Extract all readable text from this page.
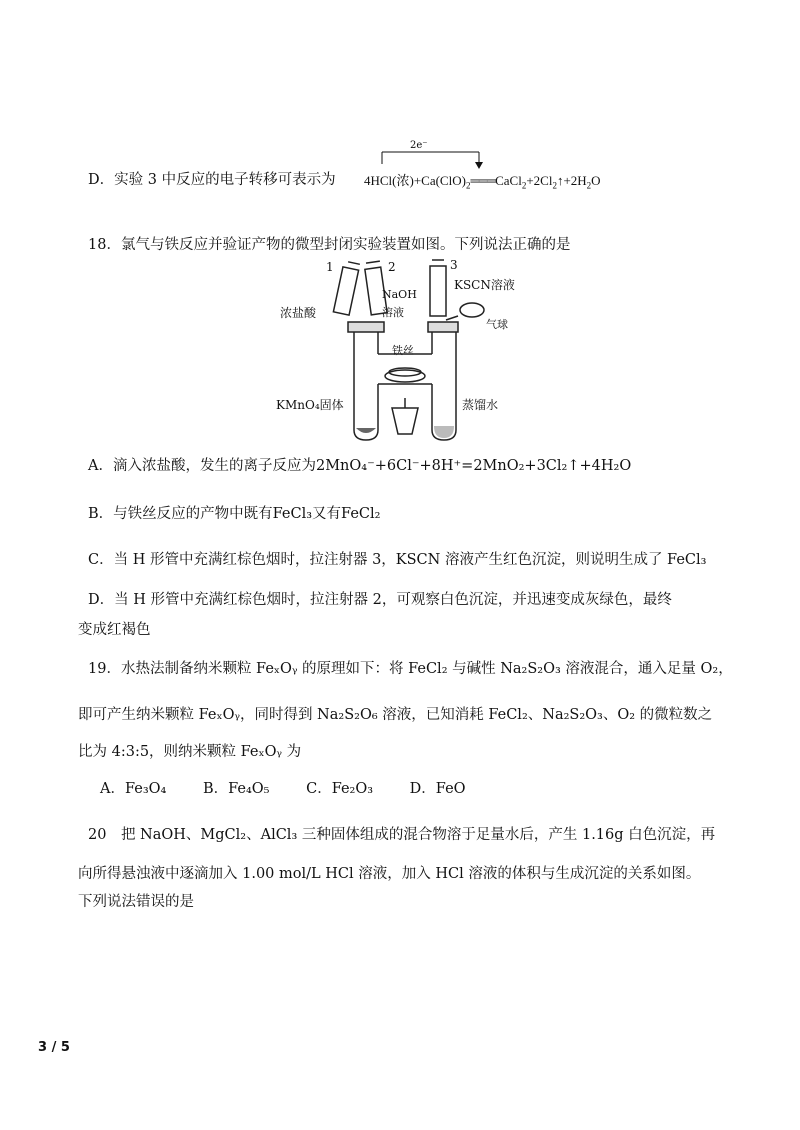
D．实验 3 中反应的电子转移可表示为
2e⁻
4HCl(浓)$+Ca(ClO)_2═══CaCl_2+2Cl_2↑+2H_2O$
18．氯气与铁反应并验证产物的微型封闭实验装置如图。下列说法正确的是
1	2	3
浓盐酸
NaOH
溶液
KSCN溶液
气球
铁丝
KMnO₄固体	蒸馏水
A．滴入浓盐酸，发生的离子反应为2MnO₄⁻+6Cl⁻+8H⁺=2MnO₂+3Cl₂↑+4H₂O
B．与铁丝反应的产物中既有FeCl₃又有FeCl₂
C．当 H 形管中充满红棕色烟时，拉注射器 3，KSCN 溶液产生红色沉淀，则说明生成了 FeCl₃
D．当 H 形管中充满红棕色烟时，拉注射器 2，可观察白色沉淀，并迅速变成灰绿色，最终
变成红褐色
19．水热法制备纳米颗粒 FeₓOᵧ 的原理如下：将 FeCl₂ 与碱性 Na₂S₂O₃ 溶液混合，通入足量 O₂，
即可产生纳米颗粒 FeₓOᵧ，同时得到 Na₂S₂O₆ 溶液，已知消耗 FeCl₂、Na₂S₂O₃、O₂ 的微粒数之
比为 4:3:5，则纳米颗粒 FeₓOᵧ 为
A．Fe₃O₄	B．Fe₄O₅	C．Fe₂O₃	D．FeO
20　把 NaOH、MgCl₂、AlCl₃ 三种固体组成的混合物溶于足量水后，产生 1.16g 白色沉淀，再
向所得悬浊液中逐滴加入 1.00 mol/L HCl 溶液，加入 HCl 溶液的体积与生成沉淀的关系如图。
下列说法错误的是
3 / 5
